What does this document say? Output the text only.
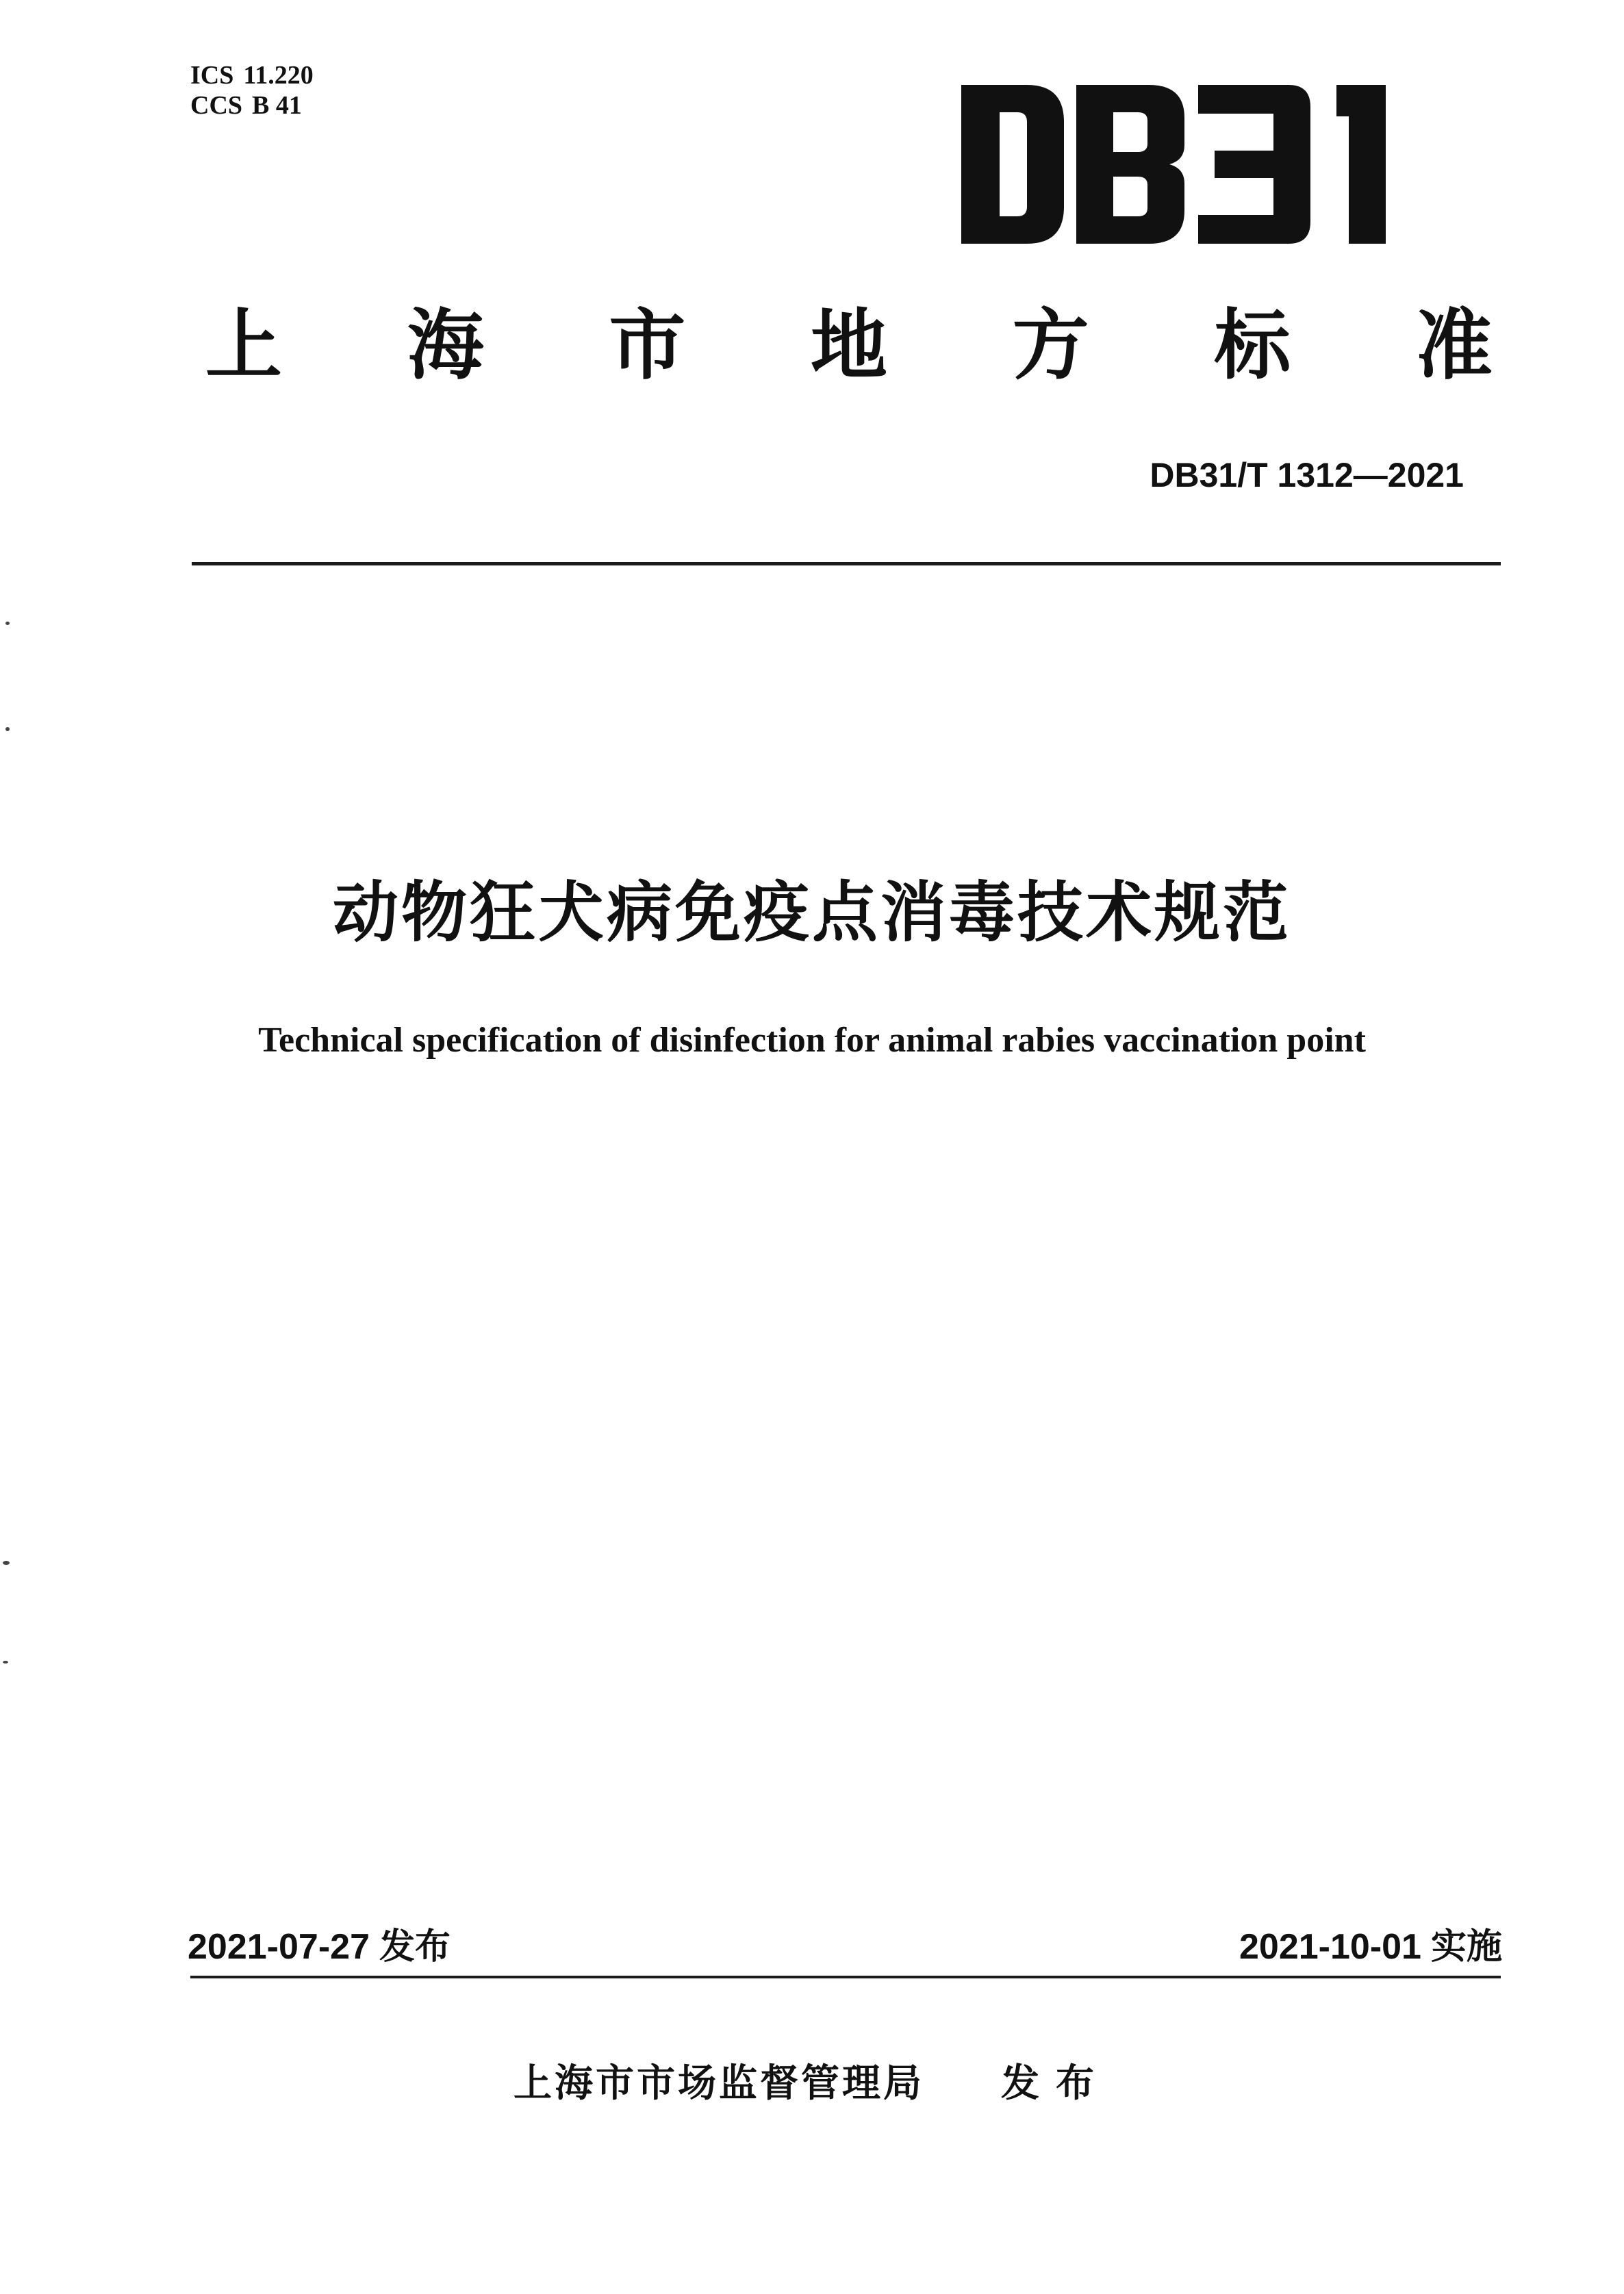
ICS 11.220
CCS B 41
上 海 市 地 方 标 准
DB31/T 1312—2021
动物狂犬病免疫点消毒技术规范
Technical specification of disinfection for animal rabies vaccination point
2021-07-27 发布	2021-10-01 实施
上海市市场监督管理局 发布
